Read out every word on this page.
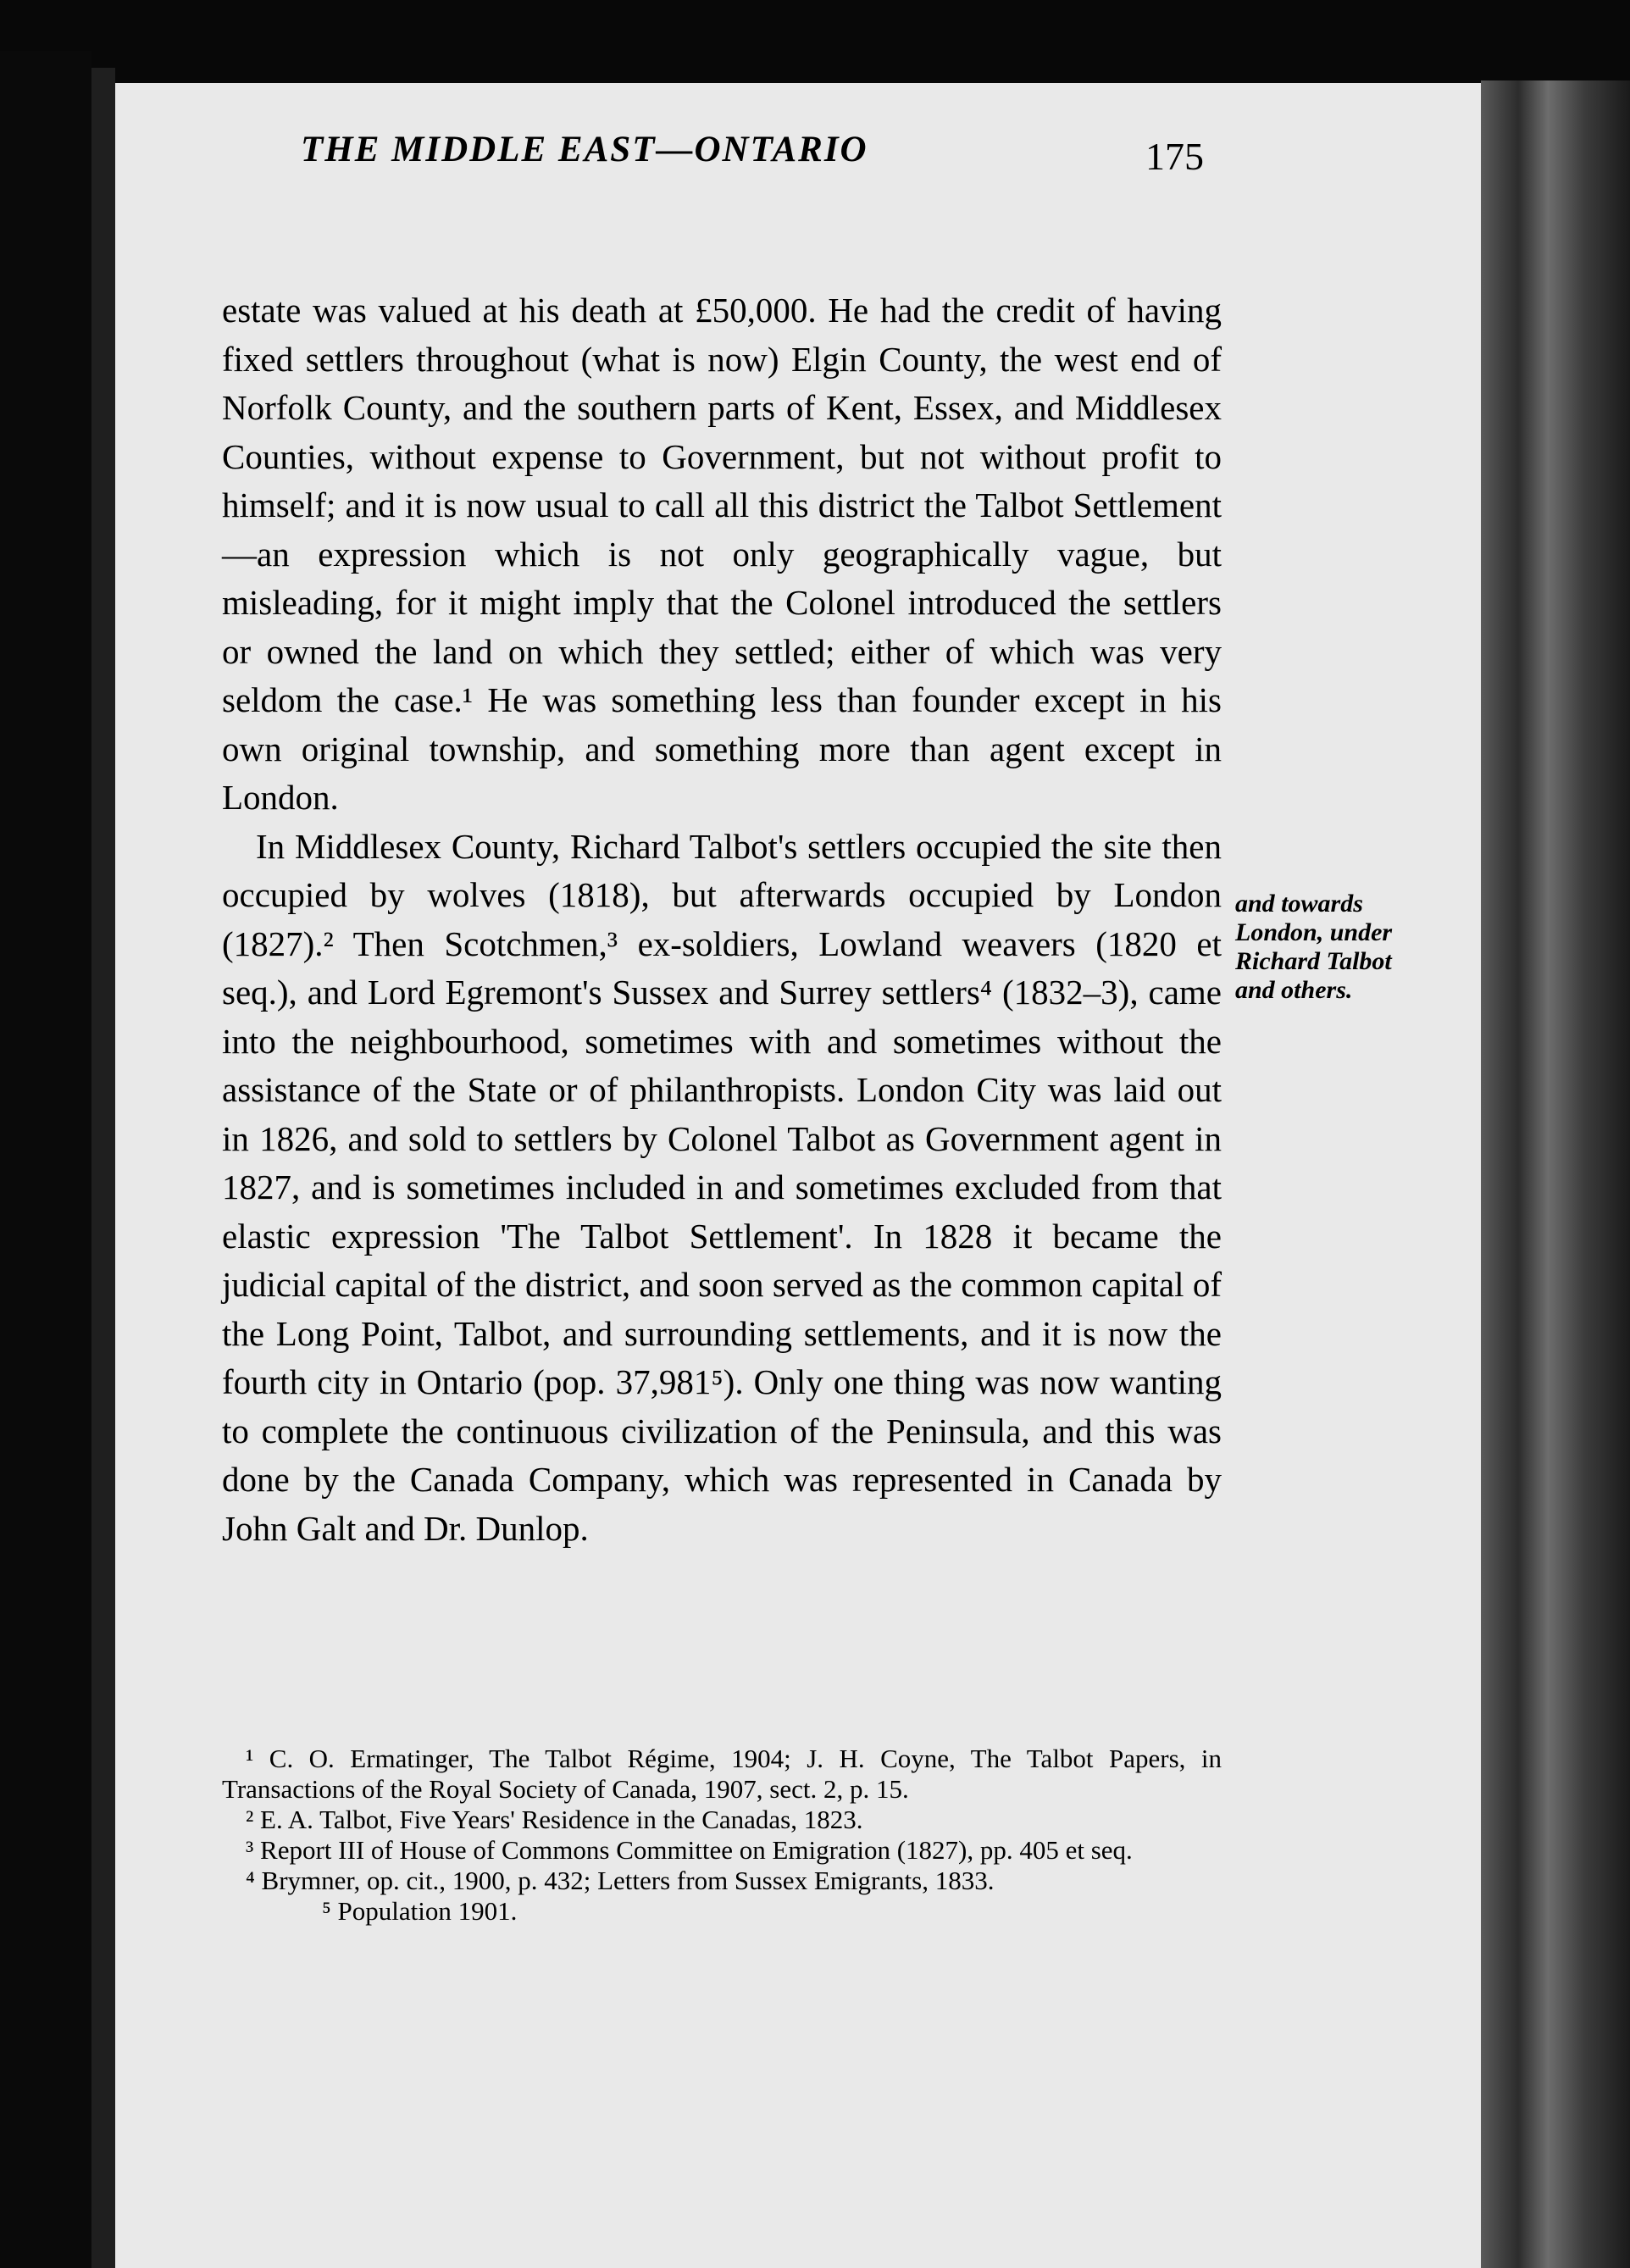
THE MIDDLE EAST—ONTARIO	175

estate was valued at his death at £50,000. He had the credit of having fixed settlers throughout (what is now) Elgin County, the west end of Norfolk County, and the southern parts of Kent, Essex, and Middlesex Counties, without expense to Government, but not without profit to himself; and it is now usual to call all this district the Talbot Settlement—an expression which is not only geographically vague, but misleading, for it might imply that the Colonel introduced the settlers or owned the land on which they settled; either of which was very seldom the case.¹ He was something less than founder except in his own original township, and something more than agent except in London.

In Middlesex County, Richard Talbot's settlers occupied the site then occupied by wolves (1818), but afterwards occupied by London (1827).² Then Scotchmen,³ ex-soldiers, Lowland weavers (1820 et seq.), and Lord Egremont's Sussex and Surrey settlers⁴ (1832–3), came into the neighbourhood, sometimes with and sometimes without the assistance of the State or of philanthropists. London City was laid out in 1826, and sold to settlers by Colonel Talbot as Government agent in 1827, and is sometimes included in and sometimes excluded from that elastic expression 'The Talbot Settlement'. In 1828 it became the judicial capital of the district, and soon served as the common capital of the Long Point, Talbot, and surrounding settlements, and it is now the fourth city in Ontario (pop. 37,981⁵). Only one thing was now wanting to complete the continuous civilization of the Peninsula, and this was done by the Canada Company, which was represented in Canada by John Galt and Dr. Dunlop.

and towards London, under Richard Talbot and others.

¹ C. O. Ermatinger, The Talbot Régime, 1904; J. H. Coyne, The Talbot Papers, in Transactions of the Royal Society of Canada, 1907, sect. 2, p. 15.

² E. A. Talbot, Five Years' Residence in the Canadas, 1823.

³ Report III of House of Commons Committee on Emigration (1827), pp. 405 et seq.

⁴ Brymner, op. cit., 1900, p. 432; Letters from Sussex Emigrants, 1833.

⁵ Population 1901.
